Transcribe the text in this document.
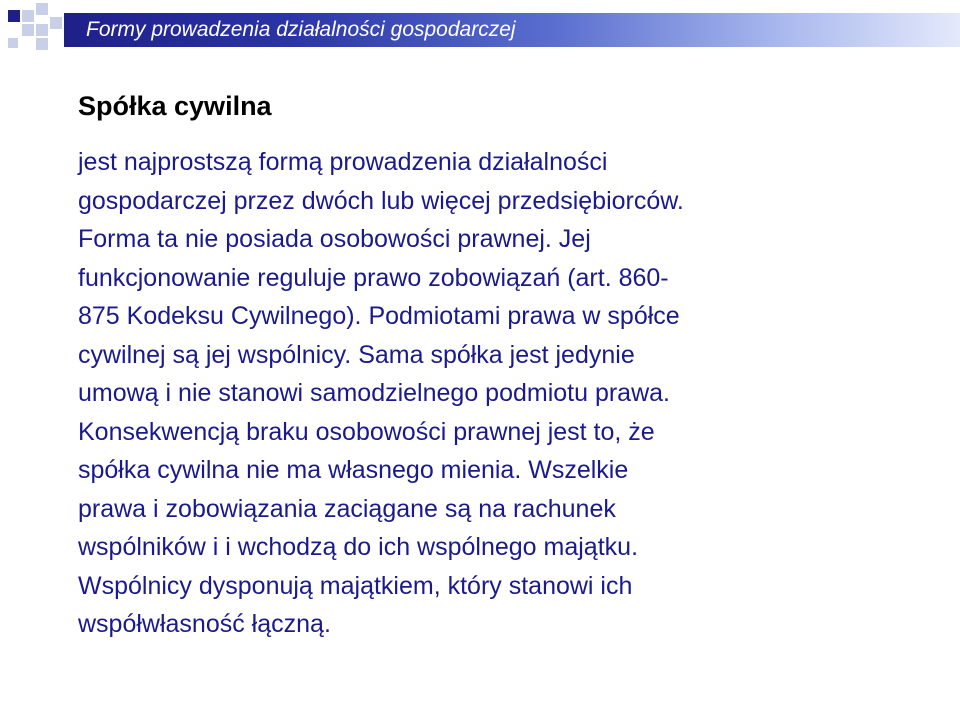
Formy prowadzenia działalności gospodarczej
Spółka cywilna
jest najprostszą formą prowadzenia działalności
gospodarczej przez dwóch lub więcej przedsiębiorców.
Forma ta nie posiada osobowości prawnej. Jej
funkcjonowanie reguluje prawo zobowiązań (art. 860-
875 Kodeksu Cywilnego). Podmiotami prawa w spółce
cywilnej są jej wspólnicy. Sama spółka jest jedynie
umową i nie stanowi samodzielnego podmiotu prawa.
Konsekwencją braku osobowości prawnej jest to, że
spółka cywilna nie ma własnego mienia. Wszelkie
prawa i zobowiązania zaciągane są na rachunek
wspólników i i wchodzą do ich wspólnego majątku.
Wspólnicy dysponują majątkiem, który stanowi ich
współwłasność łączną.
